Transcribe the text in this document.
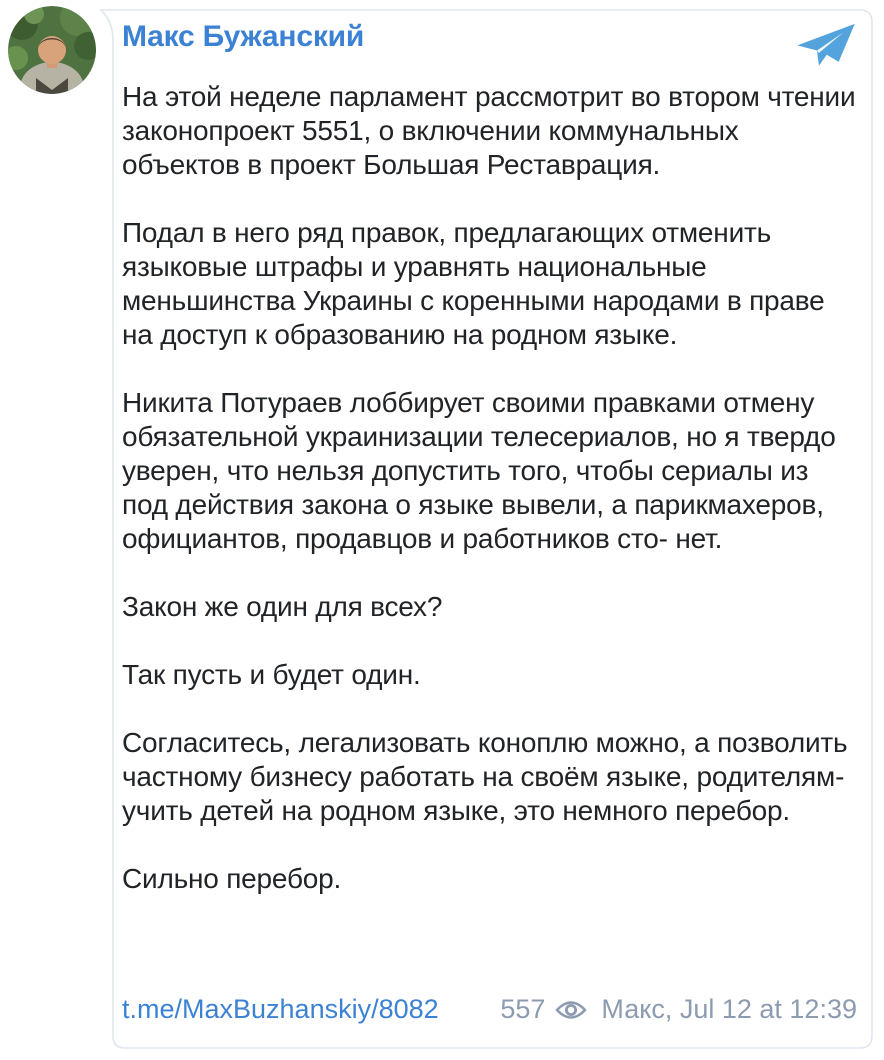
Макс Бужанский

На этой неделе парламент рассмотрит во втором чтении законопроект 5551, о включении коммунальных объектов в проект Большая Реставрация.

Подал в него ряд правок, предлагающих отменить языковые штрафы и уравнять национальные меньшинства Украины с коренными народами в праве на доступ к образованию на родном языке.

Никита Потураев лоббирует своими правками отмену обязательной украинизации телесериалов, но я твердо уверен, что нельзя допустить того, чтобы сериалы из под действия закона о языке вывели, а парикмахеров, официантов, продавцов и работников сто- нет.

Закон же один для всех?

Так пусть и будет один.

Согласитесь, легализовать коноплю можно, а позволить частному бизнесу работать на своём языке, родителям- учить детей на родном языке, это немного перебор.

Сильно перебор.

t.me/MaxBuzhanskiy/8082 557 Макс, Jul 12 at 12:39
